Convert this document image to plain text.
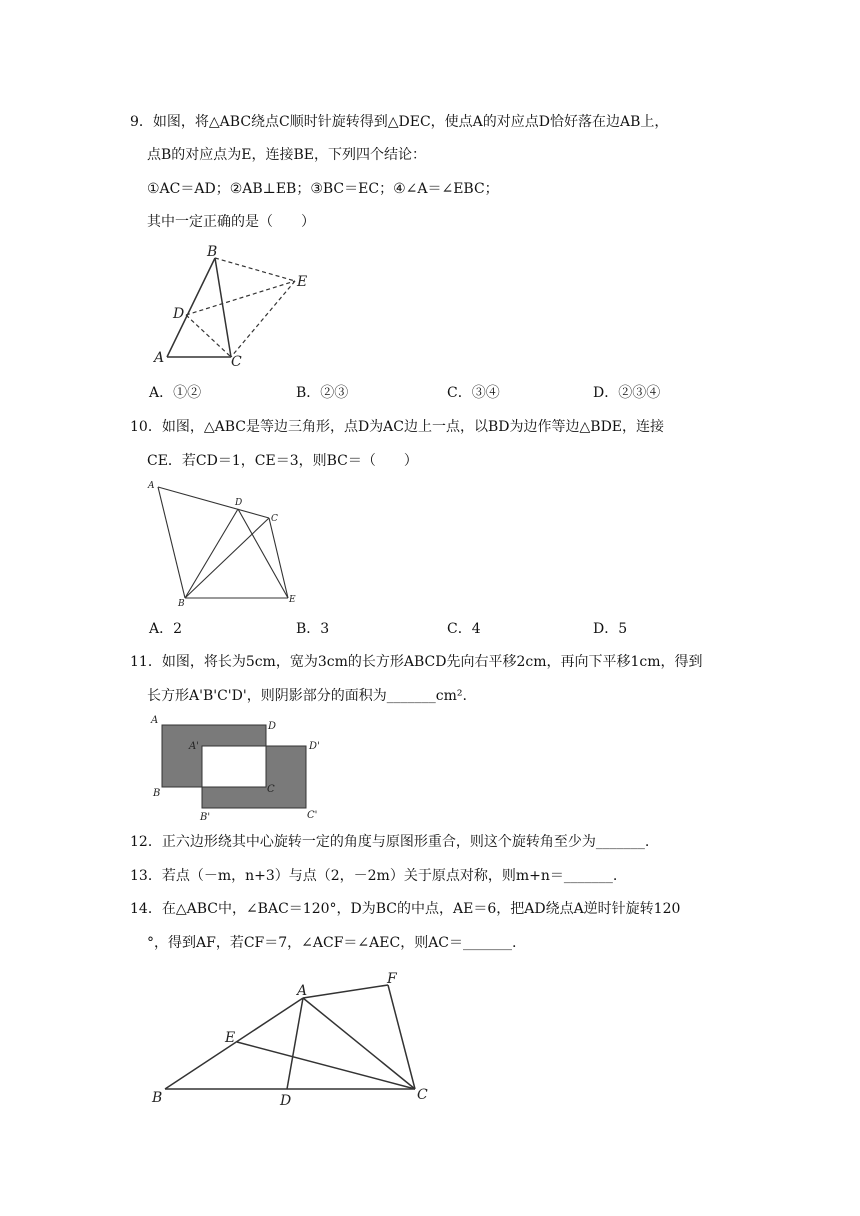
9．如图，将△ABC绕点C顺时针旋转得到△DEC，使点A的对应点D恰好落在边AB上，
点B的对应点为E，连接BE，下列四个结论：
①AC＝AD；②AB⊥EB；③BC＝EC；④∠A＝∠EBC；
其中一定正确的是（　　）
B
E
D
A	C
A．①②	B．②③	C．③④	D．②③④
10．如图，△ABC是等边三角形，点D为AC边上一点，以BD为边作等边△BDE，连接
CE．若CD＝1，CE＝3，则BC＝（　　）
A
D
C
B	E
A．2	B．3	C．4	D．5
11．如图，将长为5cm，宽为3cm的长方形ABCD先向右平移2cm，再向下平移1cm，得到
长方形A'B'C'D'，则阴影部分的面积为_______cm².
A
D
A'	D'
C
B
B'	C'
12．正六边形绕其中心旋转一定的角度与原图形重合，则这个旋转角至少为_______.
13．若点（－m，n+3）与点（2，－2m）关于原点对称，则m+n＝_______.
14．在△ABC中，∠BAC＝120°，D为BC的中点，AE＝6，把AD绕点A逆时针旋转120
°，得到AF，若CF＝7，∠ACF＝∠AEC，则AC＝_______.
A
F
E
B	D	C
